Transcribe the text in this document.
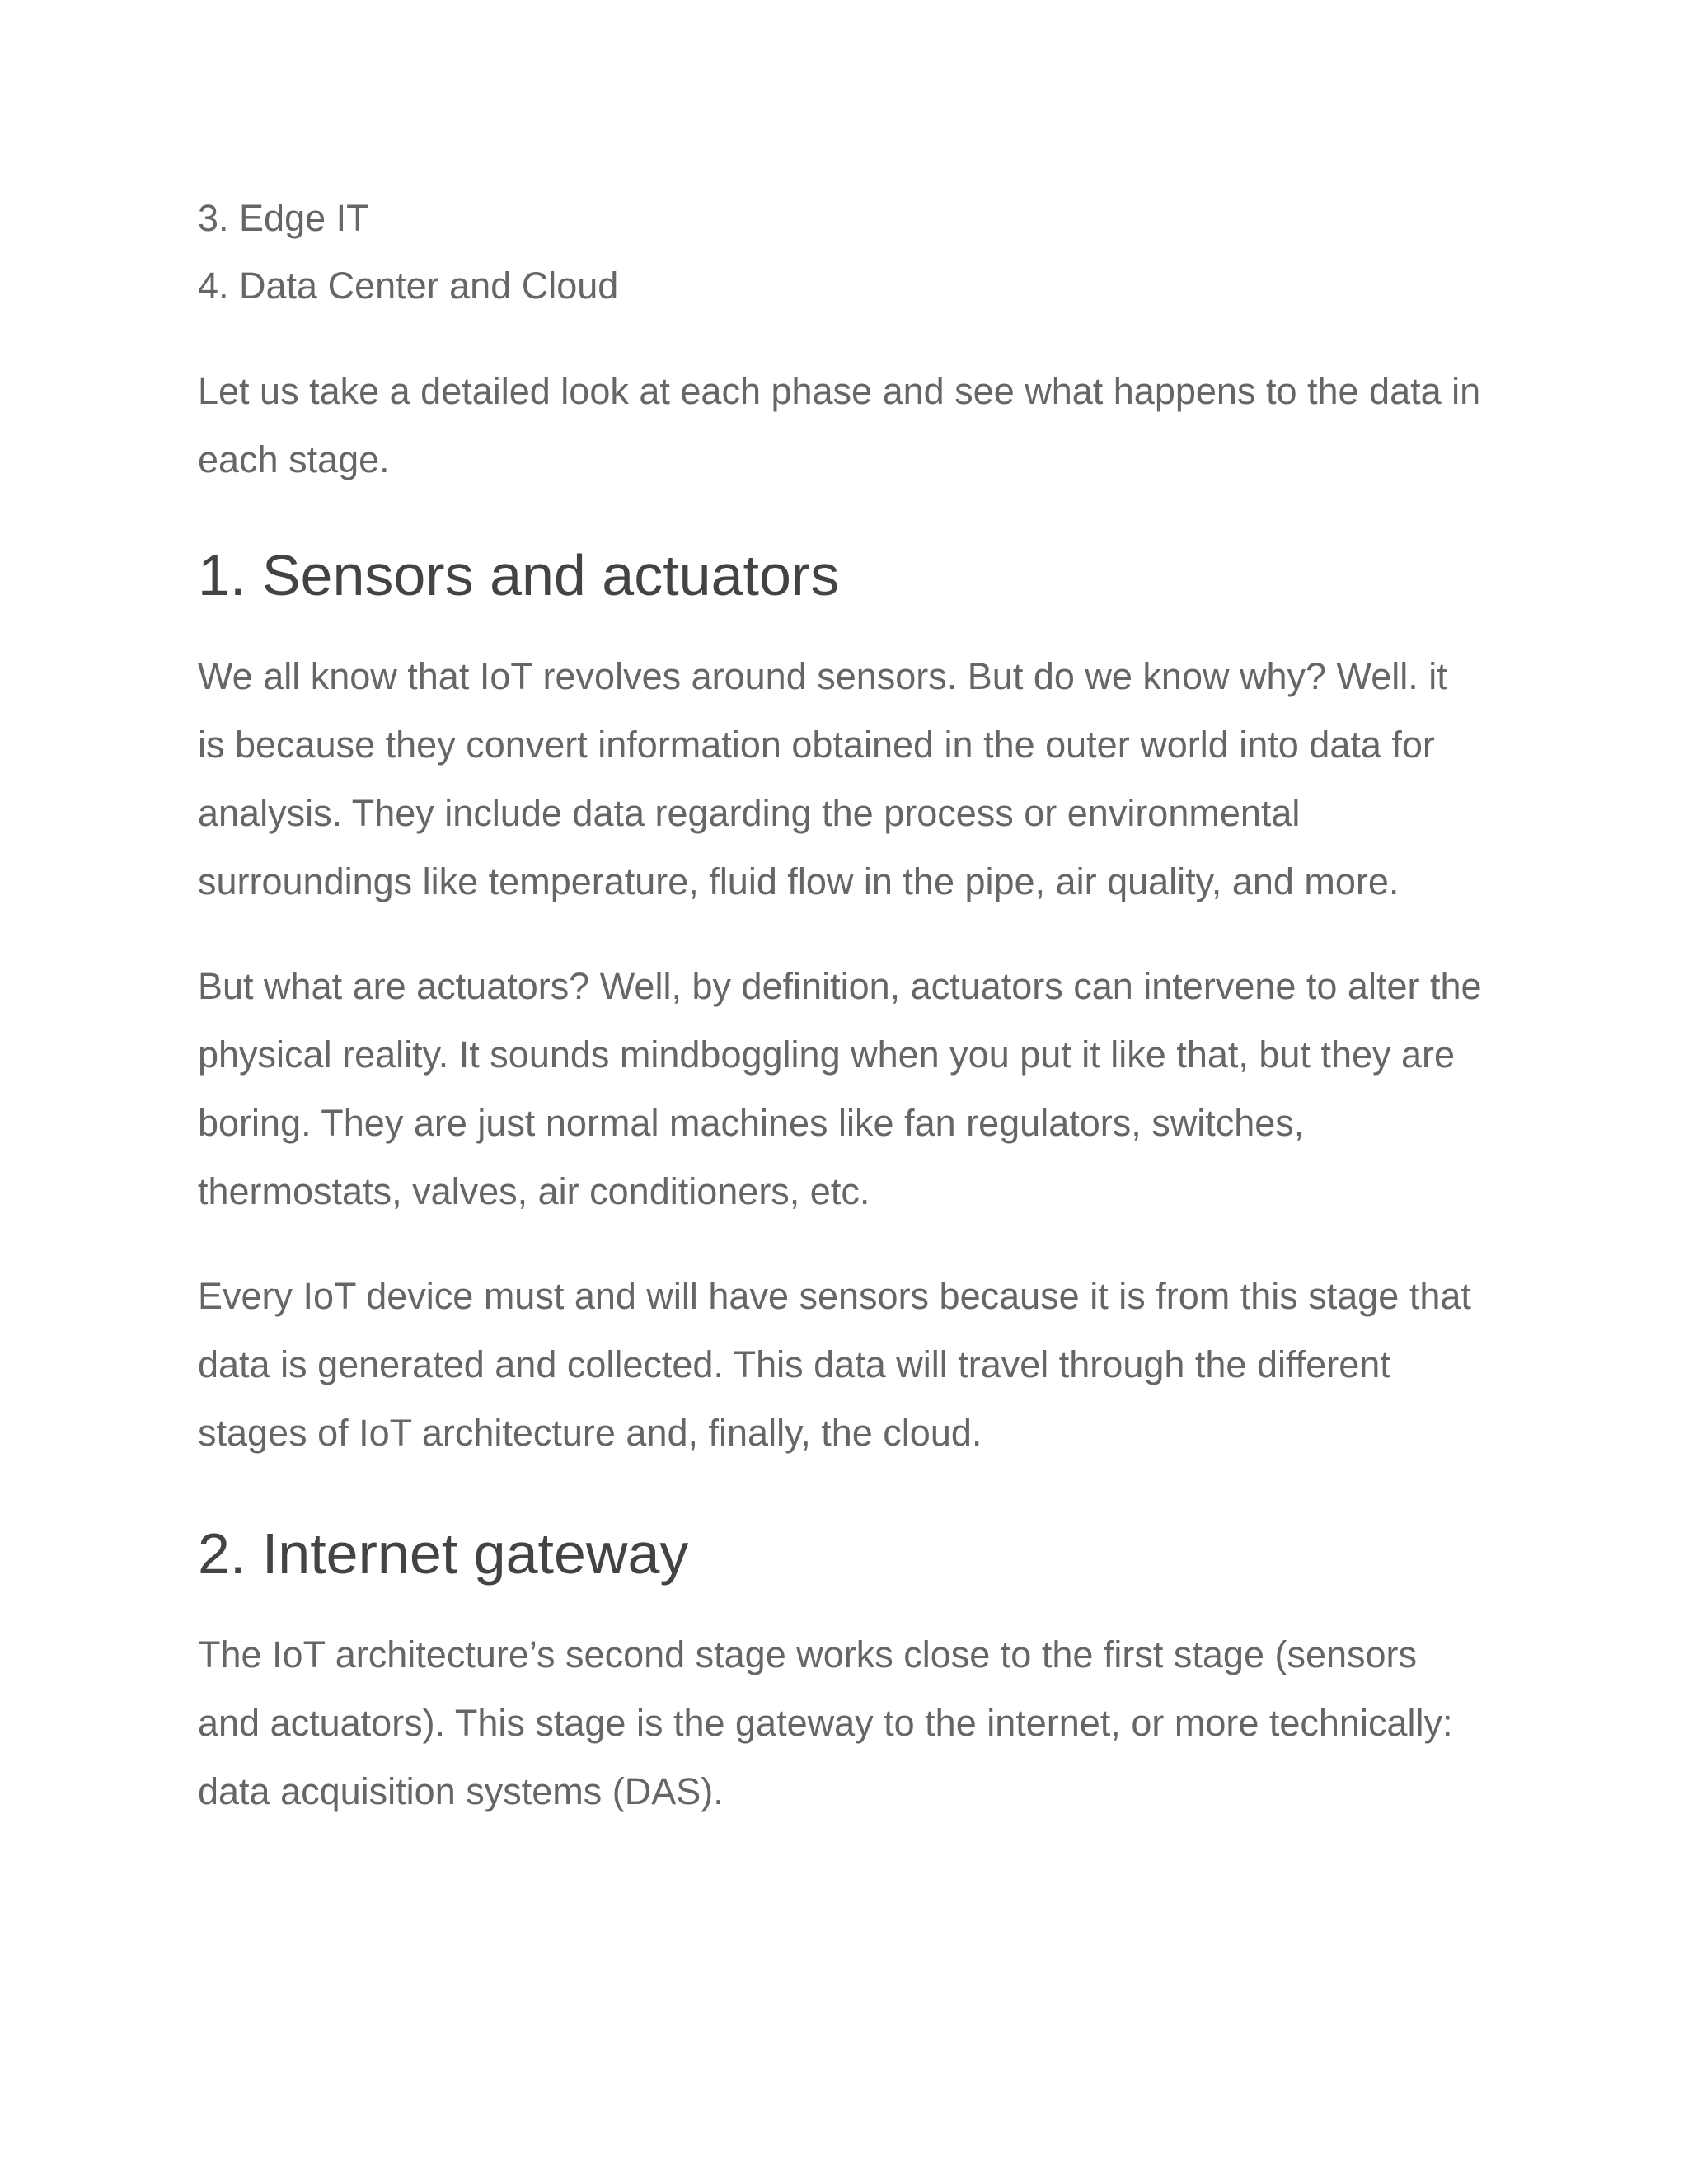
3. Edge IT
4. Data Center and Cloud
Let us take a detailed look at each phase and see what happens to the data in
each stage.
1. Sensors and actuators
We all know that IoT revolves around sensors. But do we know why? Well. it
is because they convert information obtained in the outer world into data for
analysis. They include data regarding the process or environmental
surroundings like temperature, fluid flow in the pipe, air quality, and more.
But what are actuators? Well, by definition, actuators can intervene to alter the
physical reality. It sounds mindboggling when you put it like that, but they are
boring. They are just normal machines like fan regulators, switches,
thermostats, valves, air conditioners, etc.
Every IoT device must and will have sensors because it is from this stage that
data is generated and collected. This data will travel through the different
stages of IoT architecture and, finally, the cloud.
2. Internet gateway
The IoT architecture’s second stage works close to the first stage (sensors
and actuators). This stage is the gateway to the internet, or more technically:
data acquisition systems (DAS).
